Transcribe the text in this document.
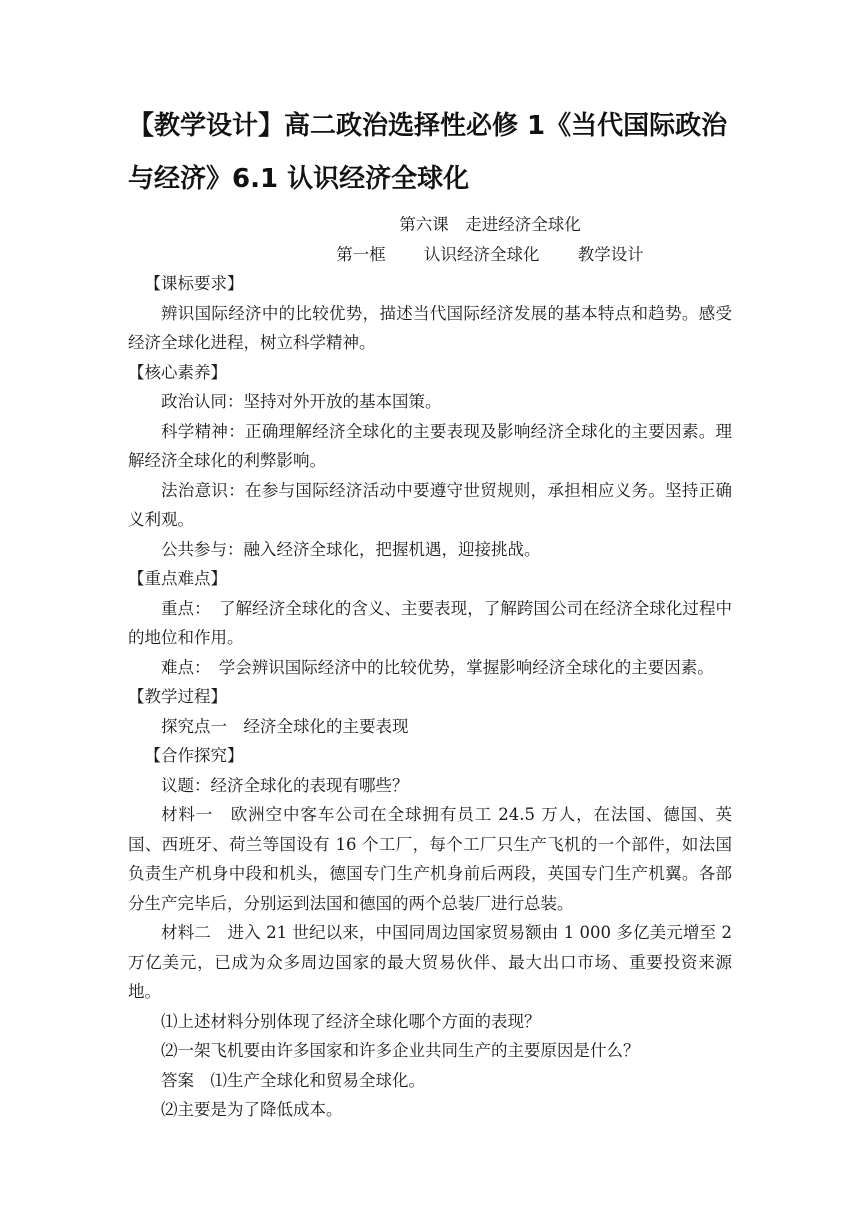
【教学设计】高二政治选择性必修 1《当代国际政治与经济》6.1 认识经济全球化

第六课　走进经济全球化

第一框 认识经济全球化 教学设计

【课标要求】

辨识国际经济中的比较优势，描述当代国际经济发展的基本特点和趋势。感受经济全球化进程，树立科学精神。

【核心素养】

政治认同：坚持对外开放的基本国策。

科学精神：正确理解经济全球化的主要表现及影响经济全球化的主要因素。理解经济全球化的利弊影响。

法治意识：在参与国际经济活动中要遵守世贸规则，承担相应义务。坚持正确义利观。

公共参与：融入经济全球化，把握机遇，迎接挑战。

【重点难点】

重点：　了解经济全球化的含义、主要表现，了解跨国公司在经济全球化过程中的地位和作用。

难点：　学会辨识国际经济中的比较优势，掌握影响经济全球化的主要因素。

【教学过程】

探究点一　经济全球化的主要表现

【合作探究】

议题：经济全球化的表现有哪些？

材料一　欧洲空中客车公司在全球拥有员工 24.5 万人，在法国、德国、英国、西班牙、荷兰等国设有 16 个工厂，每个工厂只生产飞机的一个部件，如法国负责生产机身中段和机头，德国专门生产机身前后两段，英国专门生产机翼。各部分生产完毕后，分别运到法国和德国的两个总装厂进行总装。

材料二　进入 21 世纪以来，中国同周边国家贸易额由 1 000 多亿美元增至 2 万亿美元，已成为众多周边国家的最大贸易伙伴、最大出口市场、重要投资来源地。

⑴上述材料分别体现了经济全球化哪个方面的表现？

⑵一架飞机要由许多国家和许多企业共同生产的主要原因是什么？

答案　⑴生产全球化和贸易全球化。

⑵主要是为了降低成本。
